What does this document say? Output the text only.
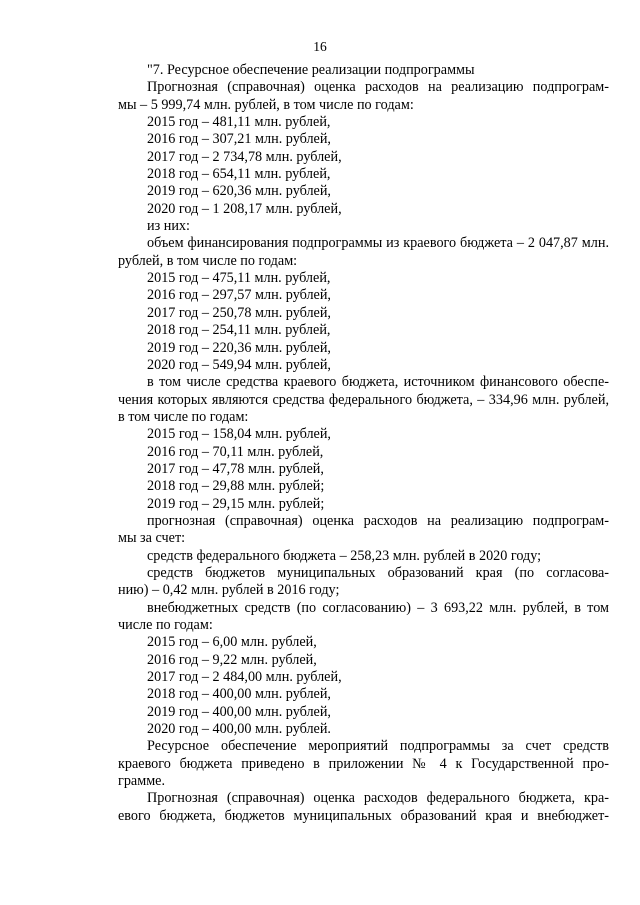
16
"7. Ресурсное обеспечение реализации подпрограммы
Прогнозная (справочная) оценка расходов на реализацию подпрограм-
мы – 5 999,74 млн. рублей, в том числе по годам:
2015 год – 481,11 млн. рублей,
2016 год – 307,21 млн. рублей,
2017 год – 2 734,78 млн. рублей,
2018 год – 654,11 млн. рублей,
2019 год – 620,36 млн. рублей,
2020 год – 1 208,17 млн. рублей,
из них:
объем финансирования подпрограммы из краевого бюджета – 2 047,87 млн.
рублей, в том числе по годам:
2015 год – 475,11 млн. рублей,
2016 год – 297,57 млн. рублей,
2017 год – 250,78 млн. рублей,
2018 год – 254,11 млн. рублей,
2019 год – 220,36 млн. рублей,
2020 год – 549,94 млн. рублей,
в том числе средства краевого бюджета, источником финансового обеспе-
чения которых являются средства федерального бюджета, – 334,96 млн. рублей,
в том числе по годам:
2015 год – 158,04 млн. рублей,
2016 год – 70,11 млн. рублей,
2017 год – 47,78 млн. рублей,
2018 год – 29,88 млн. рублей;
2019 год – 29,15 млн. рублей;
прогнозная (справочная) оценка расходов на реализацию подпрограм-
мы за счет:
средств федерального бюджета – 258,23 млн. рублей в 2020 году;
средств бюджетов муниципальных образований края (по согласова-
нию) – 0,42 млн. рублей в 2016 году;
внебюджетных средств (по согласованию) – 3 693,22 млн. рублей, в том
числе по годам:
2015 год – 6,00 млн. рублей,
2016 год – 9,22 млн. рублей,
2017 год – 2 484,00 млн. рублей,
2018 год – 400,00 млн. рублей,
2019 год – 400,00 млн. рублей,
2020 год – 400,00 млн. рублей.
Ресурсное обеспечение мероприятий подпрограммы за счет средств
краевого бюджета приведено в приложении № 4 к Государственной про-
грамме.
Прогнозная (справочная) оценка расходов федерального бюджета, кра-
евого бюджета, бюджетов муниципальных образований края и внебюджет-
